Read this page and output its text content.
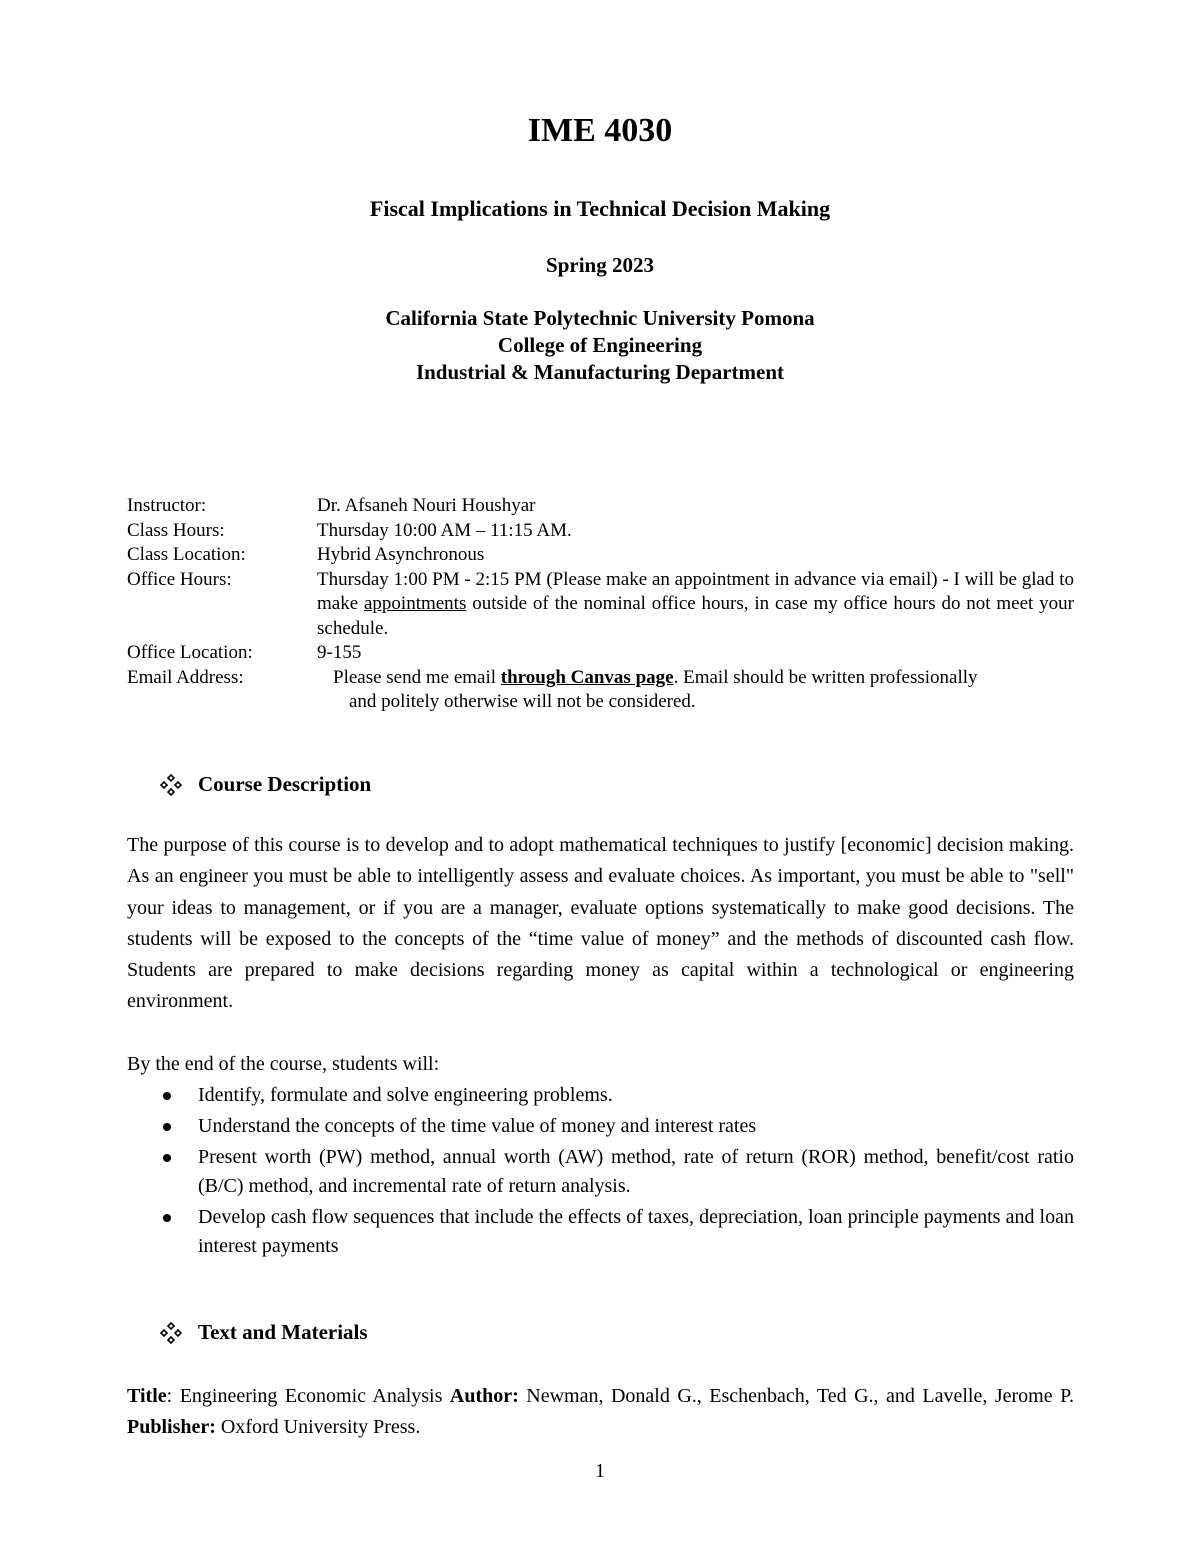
IME 4030
Fiscal Implications in Technical Decision Making
Spring 2023
California State Polytechnic University Pomona
College of Engineering
Industrial & Manufacturing Department
Instructor:	Dr. Afsaneh Nouri Houshyar
Class Hours:	Thursday 10:00 AM – 11:15 AM.
Class Location:	Hybrid Asynchronous
Office Hours:	Thursday 1:00 PM - 2:15 PM (Please make an appointment in advance via email) - I will be glad to make appointments outside of the nominal office hours, in case my office hours do not meet your schedule.
Office Location:	9-155
Email Address:	Please send me email through Canvas page. Email should be written professionally
and politely otherwise will not be considered.
Course Description
The purpose of this course is to develop and to adopt mathematical techniques to justify [economic] decision making. As an engineer you must be able to intelligently assess and evaluate choices. As important, you must be able to "sell" your ideas to management, or if you are a manager, evaluate options systematically to make good decisions. The students will be exposed to the concepts of the “time value of money” and the methods of discounted cash flow. Students are prepared to make decisions regarding money as capital within a technological or engineering environment.
By the end of the course, students will:
Identify, formulate and solve engineering problems.
Understand the concepts of the time value of money and interest rates
Present worth (PW) method, annual worth (AW) method, rate of return (ROR) method, benefit/cost ratio (B/C) method, and incremental rate of return analysis.
Develop cash flow sequences that include the effects of taxes, depreciation, loan principle payments and loan interest payments
Text and Materials
Title: Engineering Economic Analysis Author: Newman, Donald G., Eschenbach, Ted G., and Lavelle, Jerome P. Publisher: Oxford University Press.
1
